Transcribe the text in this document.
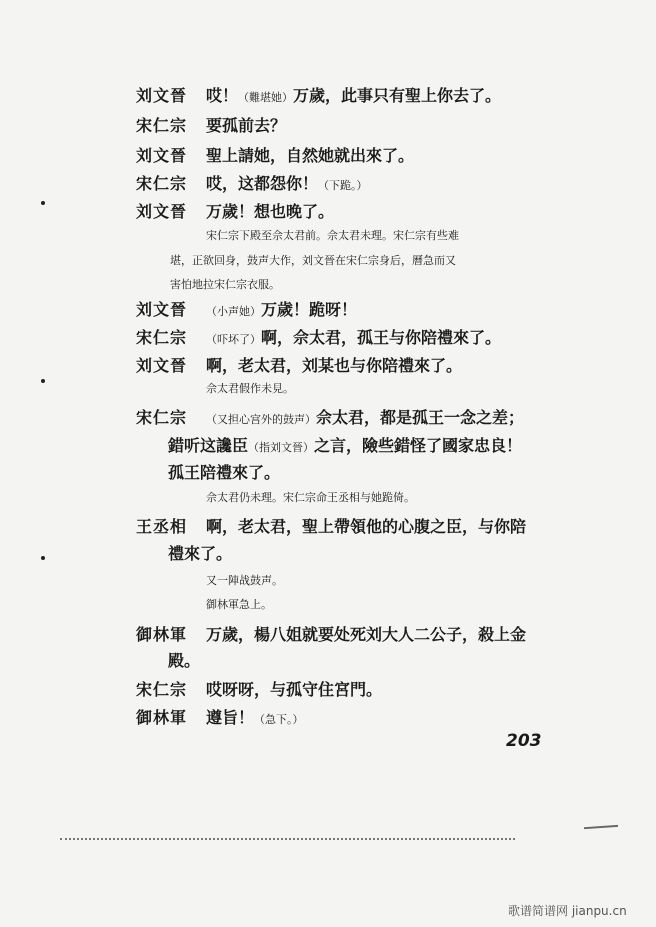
刘文晉 哎！（難堪她）万歲，此事只有聖上你去了。
宋仁宗 要孤前去？
刘文晉 聖上請她，自然她就出來了。
宋仁宗 哎，这都怨你！（下跪。）
刘文晉 万歲！想也晚了。
宋仁宗下殿至佘太君前。佘太君未理。宋仁宗有些难
堪，正欲回身，鼓声大作，刘文晉在宋仁宗身后，曆急而又
害怕地拉宋仁宗衣服。
刘文晉 （小声她）万歲！跪呀！
宋仁宗 （吓坏了）啊，佘太君，孤王与你陪禮來了。
刘文晉 啊，老太君，刘某也与你陪禮來了。
佘太君假作未見。
宋仁宗 （又担心宫外的鼓声）佘太君，都是孤王一念之差；
錯听这讒臣（指刘文晉）之言，險些錯怪了國家忠良！
孤王陪禮來了。
佘太君仍未理。宋仁宗命王丞相与她跪倚。
王丞相 啊，老太君，聖上帶領他的心腹之臣，与你陪
禮來了。
又一陣战鼓声。
御林軍急上。
御林軍 万歲，楊八姐就要处死刘大人二公子，殺上金
殿。
宋仁宗 哎呀呀，与孤守住宮門。
御林軍 遵旨！（急下。）
203
歌谱简谱网 jianpu.cn
